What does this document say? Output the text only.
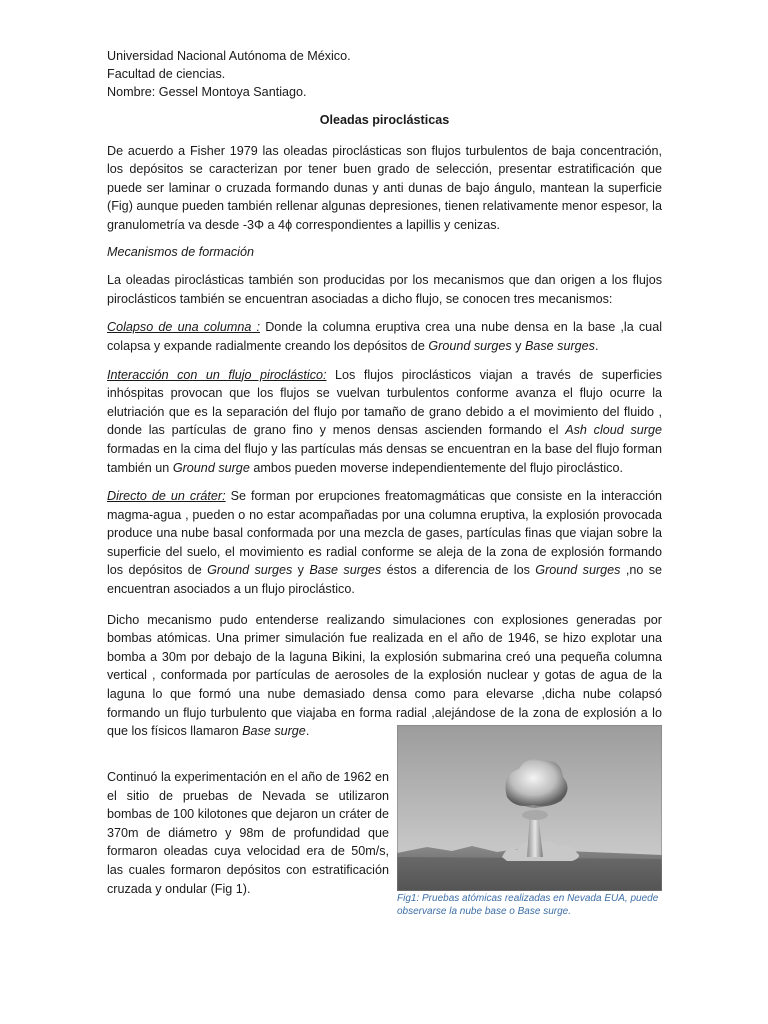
Universidad Nacional Autónoma de México.
Facultad de ciencias.
Nombre: Gessel Montoya Santiago.
Oleadas piroclásticas

De acuerdo a Fisher 1979 las oleadas piroclásticas son flujos turbulentos de baja concentración, los depósitos se caracterizan por tener buen grado de selección, presentar estratificación que puede ser laminar o cruzada formando dunas y anti dunas de bajo ángulo, mantean la superficie (Fig) aunque pueden también rellenar algunas depresiones, tienen relativamente menor espesor, la granulometría va desde -3Φ a 4ϕ correspondientes a lapillis y cenizas.

Mecanismos de formación

La oleadas piroclásticas también son producidas por los mecanismos que dan origen a los flujos piroclásticos también se encuentran asociadas a dicho flujo, se conocen tres mecanismos:

Colapso de una columna : Donde la columna eruptiva crea una nube densa en la base ,la cual colapsa y expande radialmente creando los depósitos de Ground surges y Base surges.

Interacción con un flujo piroclástico: Los flujos piroclásticos viajan a través de superficies inhóspitas provocan que los flujos se vuelvan turbulentos conforme avanza el flujo ocurre la elutriación que es la separación del flujo por tamaño de grano debido a el movimiento del fluido , donde las partículas de grano fino y menos densas ascienden formando el Ash cloud surge formadas en la cima del flujo y las partículas más densas se encuentran en la base del flujo forman también un Ground surge ambos pueden moverse independientemente del flujo piroclástico.

Directo de un cráter: Se forman por erupciones freatomagmáticas que consiste en la interacción magma-agua , pueden o no estar acompañadas por una columna eruptiva, la explosión provocada produce una nube basal conformada por una mezcla de gases, partículas finas que viajan sobre la superficie del suelo, el movimiento es radial conforme se aleja de la zona de explosión formando los depósitos de Ground surges y Base surges éstos a diferencia de los Ground surges ,no se encuentran asociados a un flujo piroclástico.

Dicho mecanismo pudo entenderse realizando simulaciones con explosiones generadas por bombas atómicas. Una primer simulación fue realizada en el año de 1946, se hizo explotar una bomba a 30m por debajo de la laguna Bikini, la explosión submarina creó una pequeña columna vertical , conformada por partículas de aerosoles de la explosión nuclear y gotas de agua de la laguna lo que formó una nube demasiado densa como para elevarse ,dicha nube colapsó formando un flujo turbulento que viajaba en forma radial ,alejándose de la zona de explosión a lo que los físicos llamaron Base surge.

Continuó la experimentación en el año de 1962 en el sitio de pruebas de Nevada se utilizaron bombas de 100 kilotones que dejaron un cráter de 370m de diámetro y 98m de profundidad que formaron oleadas cuya velocidad era de 50m/s, las cuales formaron depósitos con estratificación cruzada y ondular (Fig 1).

Fig1: Pruebas atómicas realizadas en Nevada EUA, puede observarse la nube base o Base surge.
